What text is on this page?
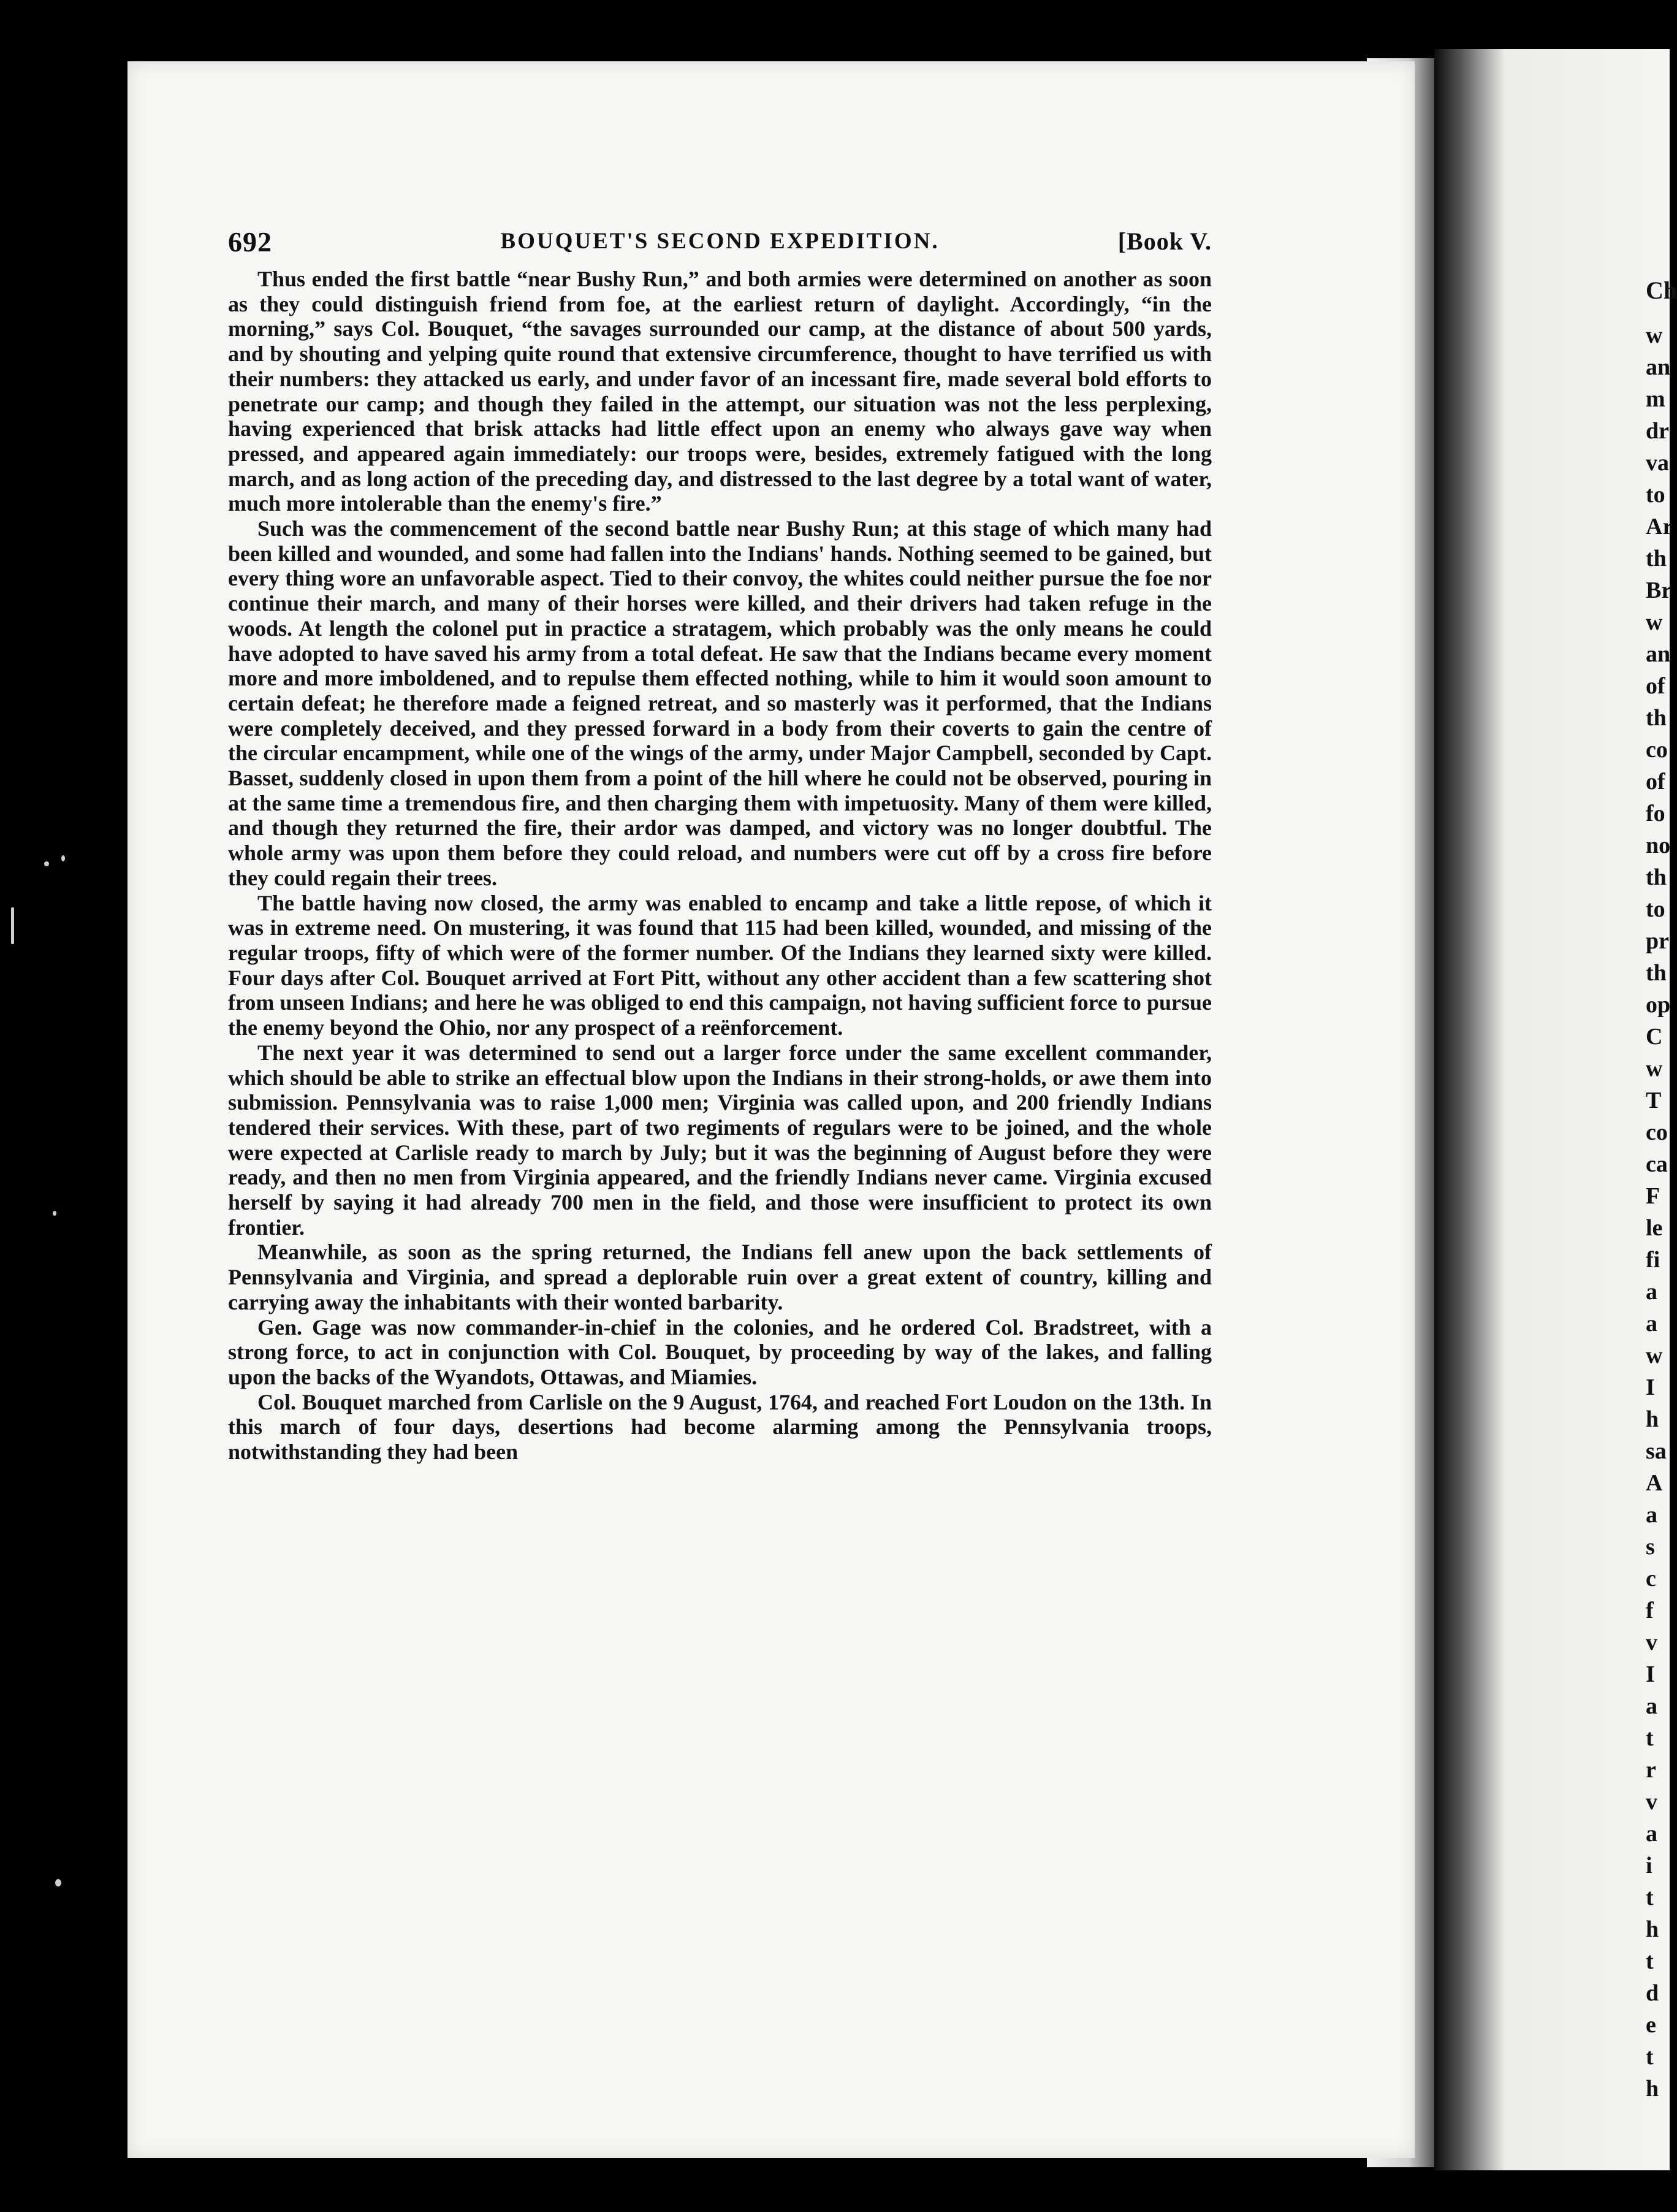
Ch
w
an
m
dr
va
to
Ar
th
Br
w
an
of
th
co
of
fo
no
th
to
pr
th
op
C
w
T
co
ca
F
le
fi
a
a
w
I
h
sa
A
a
s
c
f
v
I
a
t
r
v
a
i
t
h
t
d
e
t
h
692	BOUQUET'S SECOND EXPEDITION.	[Book V.

Thus ended the first battle “near Bushy Run,” and both armies were determined on another as soon as they could distinguish friend from foe, at the earliest return of daylight. Accordingly, “in the morning,” says Col. Bouquet, “the savages surrounded our camp, at the distance of about 500 yards, and by shouting and yelping quite round that extensive circumference, thought to have terrified us with their numbers: they attacked us early, and under favor of an incessant fire, made several bold efforts to penetrate our camp; and though they failed in the attempt, our situation was not the less perplexing, having experienced that brisk attacks had little effect upon an enemy who always gave way when pressed, and appeared again immediately: our troops were, besides, extremely fatigued with the long march, and as long action of the preceding day, and distressed to the last degree by a total want of water, much more intolerable than the enemy's fire.”

Such was the commencement of the second battle near Bushy Run; at this stage of which many had been killed and wounded, and some had fallen into the Indians' hands. Nothing seemed to be gained, but every thing wore an unfavorable aspect. Tied to their convoy, the whites could neither pursue the foe nor continue their march, and many of their horses were killed, and their drivers had taken refuge in the woods. At length the colonel put in practice a stratagem, which probably was the only means he could have adopted to have saved his army from a total defeat. He saw that the Indians became every moment more and more imboldened, and to repulse them effected nothing, while to him it would soon amount to certain defeat; he therefore made a feigned retreat, and so masterly was it performed, that the Indians were completely deceived, and they pressed forward in a body from their coverts to gain the centre of the circular encampment, while one of the wings of the army, under Major Campbell, seconded by Capt. Basset, suddenly closed in upon them from a point of the hill where he could not be observed, pouring in at the same time a tremendous fire, and then charging them with impetuosity. Many of them were killed, and though they returned the fire, their ardor was damped, and victory was no longer doubtful. The whole army was upon them before they could reload, and numbers were cut off by a cross fire before they could regain their trees.

The battle having now closed, the army was enabled to encamp and take a little repose, of which it was in extreme need. On mustering, it was found that 115 had been killed, wounded, and missing of the regular troops, fifty of which were of the former number. Of the Indians they learned sixty were killed. Four days after Col. Bouquet arrived at Fort Pitt, without any other accident than a few scattering shot from unseen Indians; and here he was obliged to end this campaign, not having sufficient force to pursue the enemy beyond the Ohio, nor any prospect of a reënforcement.

The next year it was determined to send out a larger force under the same excellent commander, which should be able to strike an effectual blow upon the Indians in their strong-holds, or awe them into submission. Pennsylvania was to raise 1,000 men; Virginia was called upon, and 200 friendly Indians tendered their services. With these, part of two regiments of regulars were to be joined, and the whole were expected at Carlisle ready to march by July; but it was the beginning of August before they were ready, and then no men from Virginia appeared, and the friendly Indians never came. Virginia excused herself by saying it had already 700 men in the field, and those were insufficient to protect its own frontier.

Meanwhile, as soon as the spring returned, the Indians fell anew upon the back settlements of Pennsylvania and Virginia, and spread a deplorable ruin over a great extent of country, killing and carrying away the inhabitants with their wonted barbarity.

Gen. Gage was now commander-in-chief in the colonies, and he ordered Col. Bradstreet, with a strong force, to act in conjunction with Col. Bouquet, by proceeding by way of the lakes, and falling upon the backs of the Wyandots, Ottawas, and Miamies.

Col. Bouquet marched from Carlisle on the 9 August, 1764, and reached Fort Loudon on the 13th. In this march of four days, desertions had become alarming among the Pennsylvania troops, notwithstanding they had been
